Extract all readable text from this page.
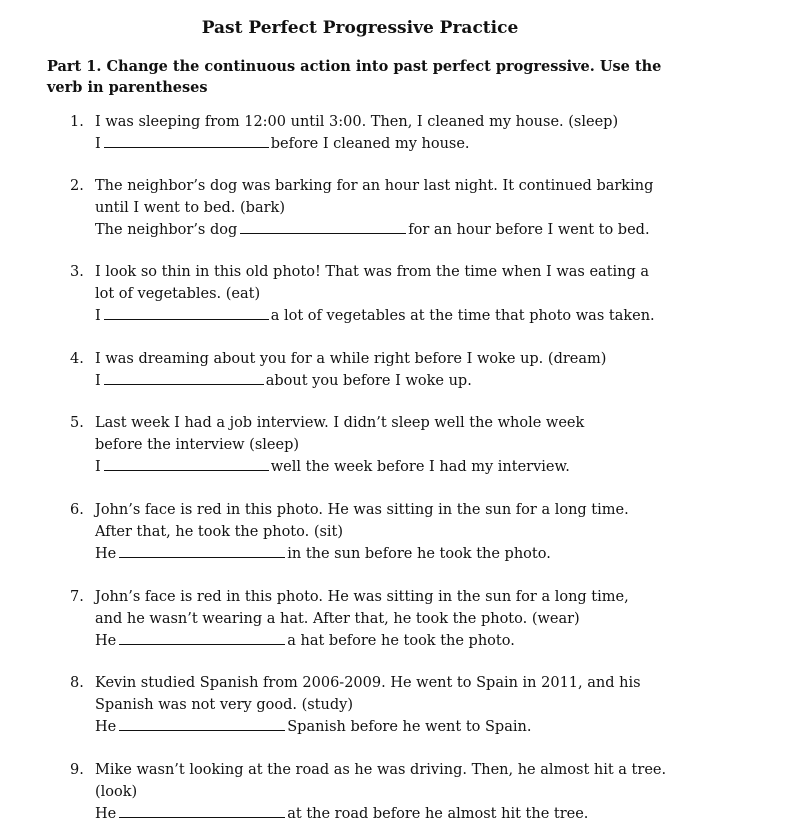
Past Perfect Progressive Practice
Part 1. Change the continuous action into past perfect progressive. Use the verb in parentheses
1. I was sleeping from 12:00 until 3:00. Then, I cleaned my house. (sleep)
I	before I cleaned my house.
2. The neighbor’s dog was barking for an hour last night. It continued barking until I went to bed. (bark)
The neighbor’s dog	for an hour before I went to bed.
3. I look so thin in this old photo! That was from the time when I was eating a lot of vegetables. (eat)
I	a lot of vegetables at the time that photo was taken.
4. I was dreaming about you for a while right before I woke up. (dream)
I	about you before I woke up.
5. Last week I had a job interview. I didn’t sleep well the whole week before the interview (sleep)
I	well the week before I had my interview.
6. John’s face is red in this photo. He was sitting in the sun for a long time. After that, he took the photo. (sit)
He	in the sun before he took the photo.
7. John’s face is red in this photo. He was sitting in the sun for a long time, and he wasn’t wearing a hat. After that, he took the photo. (wear)
He	a hat before he took the photo.
8. Kevin studied Spanish from 2006-2009. He went to Spain in 2011, and his Spanish was not very good. (study)
He	Spanish before he went to Spain.
9. Mike wasn’t looking at the road as he was driving. Then, he almost hit a tree. (look)
He	at the road before he almost hit the tree.
